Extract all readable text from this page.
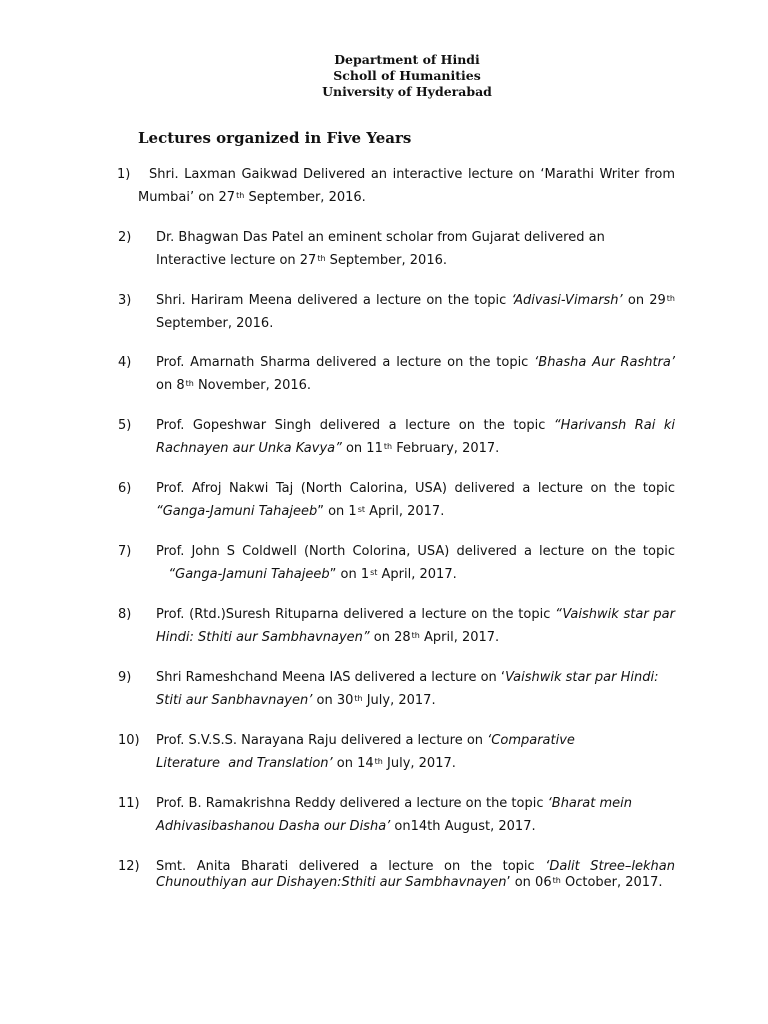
Department of Hindi
Scholl of Humanities
University of Hyderabad
Lectures organized in Five Years
1)	Shri. Laxman Gaikwad Delivered an interactive lecture on ‘Marathi Writer from Mumbai’ on 27th September, 2016.
2) Dr. Bhagwan Das Patel an eminent scholar from Gujarat delivered an Interactive lecture on 27th September, 2016.
3) Shri. Hariram Meena delivered a lecture on the topic ‘Adivasi-Vimarsh’ on 29th September, 2016.
4) Prof. Amarnath Sharma delivered a lecture on the topic ‘Bhasha Aur Rashtra’ on 8th November, 2016.
5) Prof. Gopeshwar Singh delivered a lecture on the topic “Harivansh Rai ki Rachnayen aur Unka Kavya” on 11th February, 2017.
6) Prof. Afroj Nakwi Taj (North Calorina, USA) delivered a lecture on the topic “Ganga-Jamuni Tahajeeb” on 1st April, 2017.
7) Prof. John S Coldwell (North Colorina, USA) delivered a lecture on the topic    “Ganga-Jamuni Tahajeeb” on 1st April, 2017.
8) Prof. (Rtd.)Suresh Rituparna delivered a lecture on the topic “Vaishwik star par Hindi: Sthiti aur Sambhavnayen” on 28th April, 2017.
9) Shri Rameshchand Meena IAS delivered a lecture on ‘Vaishwik star par Hindi: Stiti aur Sanbhavnayen’ on 30th July, 2017.
10) Prof. S.V.S.S. Narayana Raju delivered a lecture on ‘Comparative Literature  and Translation’ on 14th July, 2017.
11) Prof. B. Ramakrishna Reddy delivered a lecture on the topic ‘Bharat mein Adhivasibashanou Dasha our Disha’ on14th August, 2017.
12) Smt. Anita Bharati delivered a lecture on the topic ‘Dalit Stree–lekhan Chunouthiyan aur Dishayen:Sthiti aur Sambhavnayen’ on 06th October, 2017.
